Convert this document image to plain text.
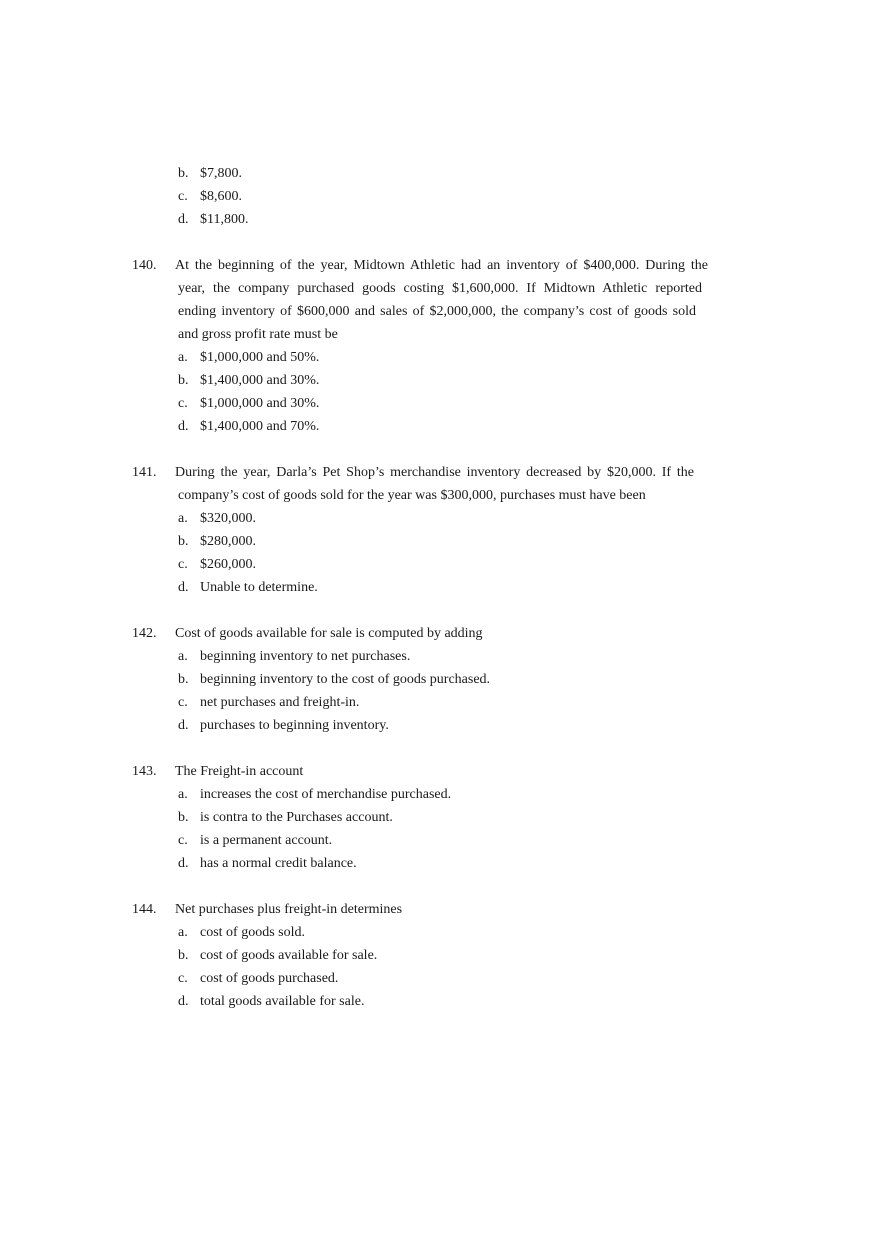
b. $7,800.
c. $8,600.
d. $11,800.
140. At the beginning of the year, Midtown Athletic had an inventory of $400,000. During the
year, the company purchased goods costing $1,600,000. If Midtown Athletic reported
ending inventory of $600,000 and sales of $2,000,000, the company’s cost of goods sold
and gross profit rate must be
a. $1,000,000 and 50%.
b. $1,400,000 and 30%.
c. $1,000,000 and 30%.
d. $1,400,000 and 70%.
141. During the year, Darla’s Pet Shop’s merchandise inventory decreased by $20,000. If the
company’s cost of goods sold for the year was $300,000, purchases must have been
a. $320,000.
b. $280,000.
c. $260,000.
d. Unable to determine.
142. Cost of goods available for sale is computed by adding
a. beginning inventory to net purchases.
b. beginning inventory to the cost of goods purchased.
c. net purchases and freight-in.
d. purchases to beginning inventory.
143. The Freight-in account
a. increases the cost of merchandise purchased.
b. is contra to the Purchases account.
c. is a permanent account.
d. has a normal credit balance.
144. Net purchases plus freight-in determines
a. cost of goods sold.
b. cost of goods available for sale.
c. cost of goods purchased.
d. total goods available for sale.
